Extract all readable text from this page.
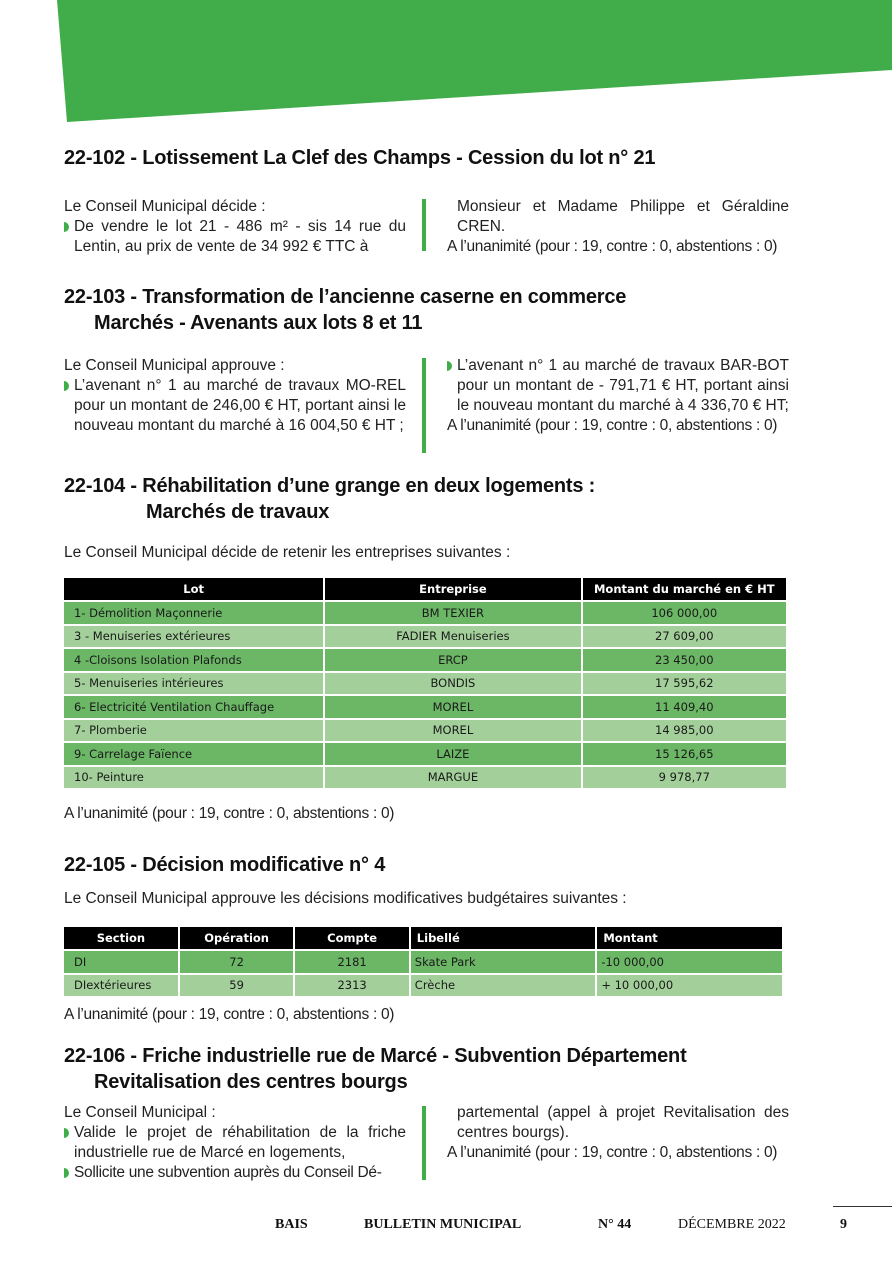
22-102 - Lotissement La Clef des Champs - Cession du lot n° 21
Le Conseil Municipal décide :
De vendre le lot 21 - 486 m² - sis 14 rue du Lentin, au prix de vente de 34 992 € TTC à
Monsieur et Madame Philippe et Géraldine CREN.
A l’unanimité (pour : 19, contre : 0, abstentions : 0)
22-103 - Transformation de l’ancienne caserne en commerce
Marchés - Avenants aux lots 8 et 11
Le Conseil Municipal approuve :
L’avenant n° 1 au marché de travaux MO-REL pour un montant de 246,00 € HT, portant ainsi le nouveau montant du marché à 16 004,50 € HT ;
L’avenant n° 1 au marché de travaux BAR-BOT pour un montant de - 791,71 € HT, portant ainsi le nouveau montant du marché à 4 336,70 € HT;
A l’unanimité (pour : 19, contre : 0, abstentions : 0)
22-104 - Réhabilitation d’une grange en deux logements :
Marchés de travaux

Le Conseil Municipal décide de retenir les entreprises suivantes :

Lot	Entreprise	Montant du marché en € HT
1- Démolition Maçonnerie	BM TEXIER	106 000,00
3 - Menuiseries extérieures	FADIER Menuiseries	27 609,00
4 -Cloisons Isolation Plafonds	ERCP	23 450,00
5- Menuiseries intérieures	BONDIS	17 595,62
6- Electricité Ventilation Chauffage	MOREL	11 409,40
7- Plomberie	MOREL	14 985,00
9- Carrelage Faïence	LAIZE	15 126,65
10- Peinture	MARGUE	9 978,77

A l’unanimité (pour : 19, contre : 0, abstentions : 0)

22-105 - Décision modificative n° 4

Le Conseil Municipal approuve les décisions modificatives budgétaires suivantes :

Section	Opération	Compte	Libellé	Montant
DI	72	2181	Skate Park	-10 000,00
DIextérieures	59	2313	Crèche	+ 10 000,00

A l’unanimité (pour : 19, contre : 0, abstentions : 0)

22-106 - Friche industrielle rue de Marcé - Subvention Département
Revitalisation des centres bourgs
Le Conseil Municipal :
Valide le projet de réhabilitation de la friche industrielle rue de Marcé en logements,
Sollicite une subvention auprès du Conseil Dé-
partemental (appel à projet Revitalisation des centres bourgs).
A l’unanimité (pour : 19, contre : 0, abstentions : 0)
BAIS	BULLETIN MUNICIPAL	N° 44	DÉCEMBRE 2022	9
